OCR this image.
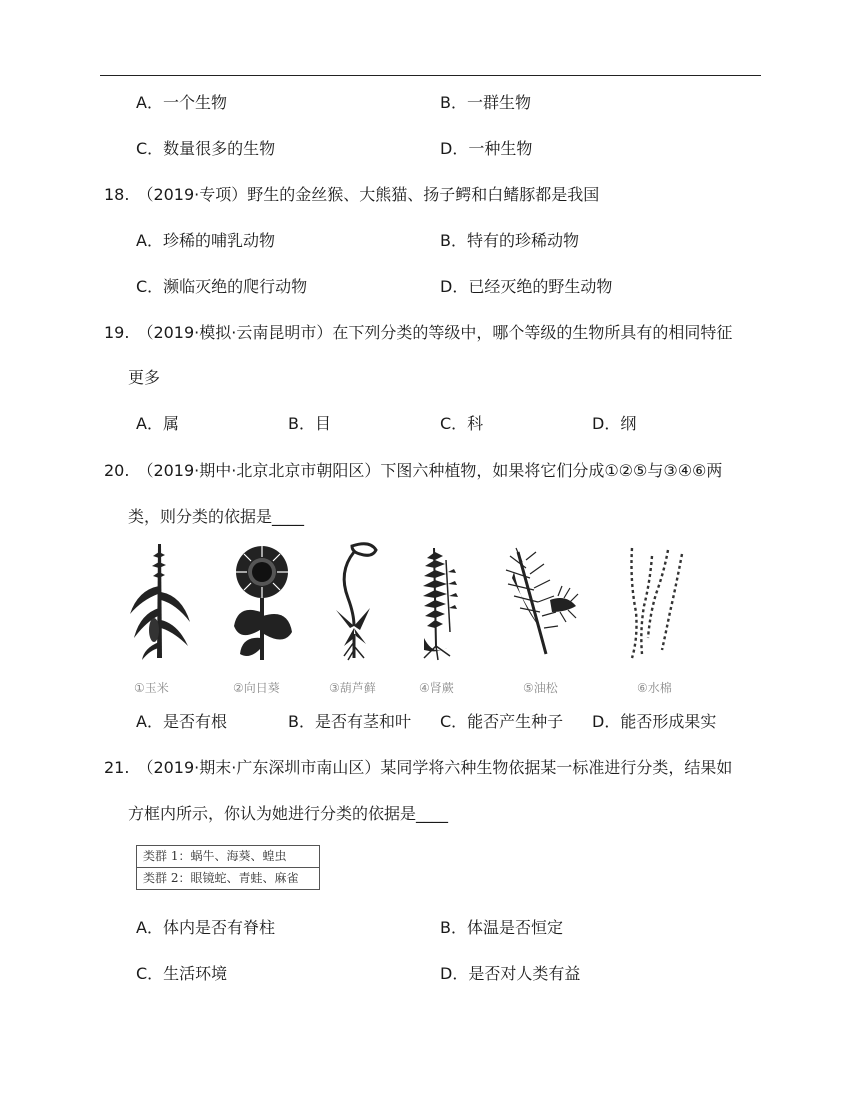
A．一个生物	B．一群生物
C．数量很多的生物	D．一种生物
18.　（2019·专项）野生的金丝猴、大熊猫、扬子鳄和白鳍豚都是我国
A．珍稀的哺乳动物	B．特有的珍稀动物
C．濒临灭绝的爬行动物	D．已经灭绝的野生动物
19.　（2019·模拟·云南昆明市）在下列分类的等级中，哪个等级的生物所具有的相同特征
更多
A．属	B．目	C．科	D．纲
20.　（2019·期中·北京北京市朝阳区）下图六种植物，如果将它们分成①②⑤与③④⑥两
类，则分类的依据是____
①玉米	②向日葵	③葫芦藓	④肾蕨	⑤油松	⑥水棉
A．是否有根	B．是否有茎和叶 C．能否产生种子 D．能否形成果实
21.　（2019·期末·广东深圳市南山区）某同学将六种生物依据某一标准进行分类，结果如
方框内所示，你认为她进行分类的依据是____
类群 1：蜗牛、海葵、蝗虫
类群 2：眼镜蛇、青蛙、麻雀
A．体内是否有脊柱	B．体温是否恒定
C．生活环境	D．是否对人类有益
